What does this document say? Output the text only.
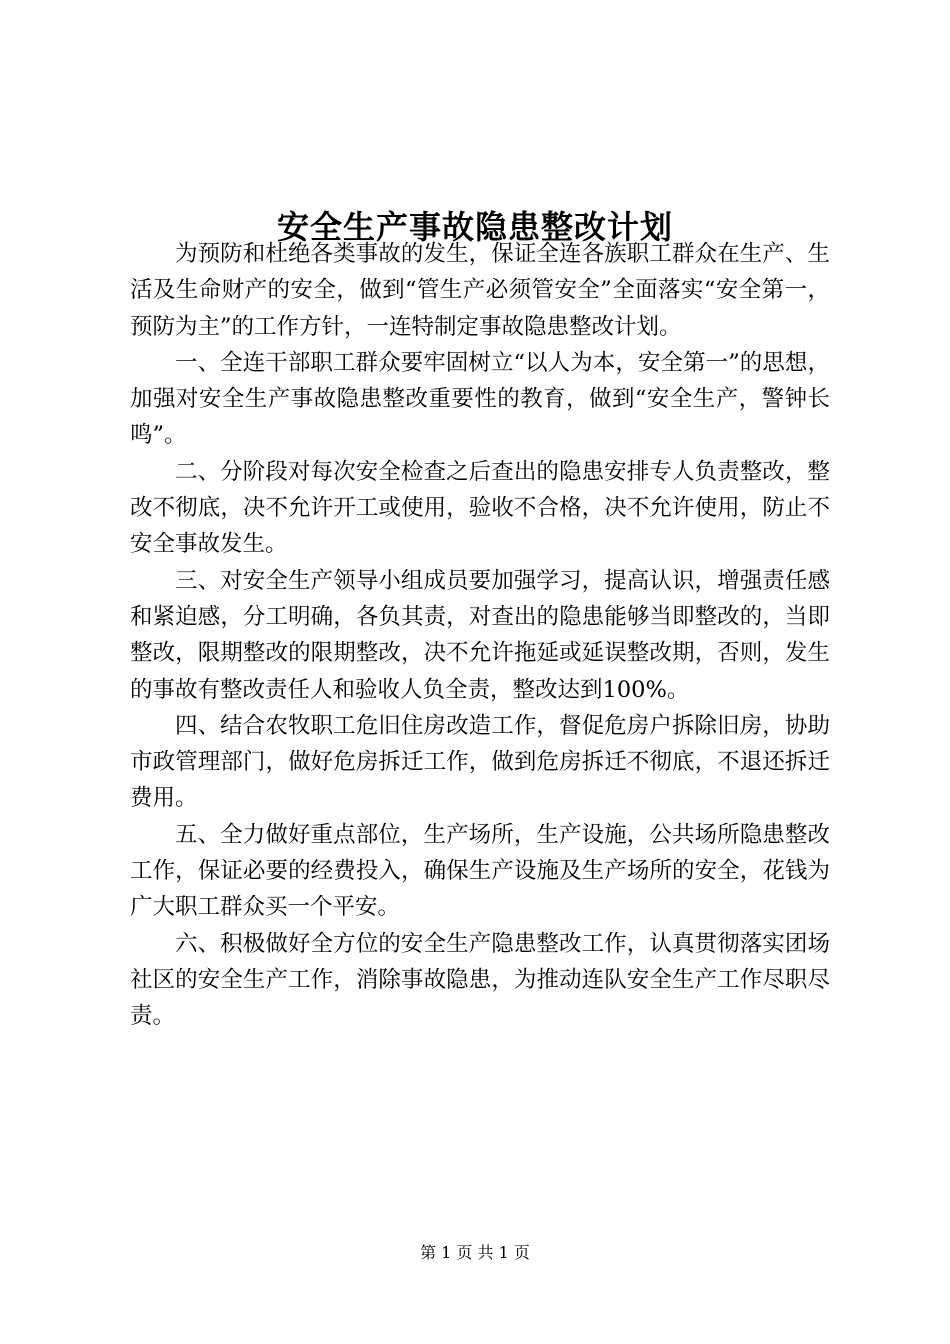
安全生产事故隐患整改计划

为预防和杜绝各类事故的发生，保证全连各族职工群众在生产、生活及生命财产的安全，做到“管生产必须管安全”全面落实“安全第一，预防为主”的工作方针，一连特制定事故隐患整改计划。

一、全连干部职工群众要牢固树立“以人为本，安全第一”的思想，加强对安全生产事故隐患整改重要性的教育，做到“安全生产，警钟长鸣”。

二、分阶段对每次安全检查之后查出的隐患安排专人负责整改，整改不彻底，决不允许开工或使用，验收不合格，决不允许使用，防止不安全事故发生。

三、对安全生产领导小组成员要加强学习，提高认识，增强责任感和紧迫感，分工明确，各负其责，对查出的隐患能够当即整改的，当即整改，限期整改的限期整改，决不允许拖延或延误整改期，否则，发生的事故有整改责任人和验收人负全责，整改达到100%。

四、结合农牧职工危旧住房改造工作，督促危房户拆除旧房，协助市政管理部门，做好危房拆迁工作，做到危房拆迁不彻底，不退还拆迁费用。

五、全力做好重点部位，生产场所，生产设施，公共场所隐患整改工作，保证必要的经费投入，确保生产设施及生产场所的安全，花钱为广大职工群众买一个平安。

六、积极做好全方位的安全生产隐患整改工作，认真贯彻落实团场社区的安全生产工作，消除事故隐患，为推动连队安全生产工作尽职尽责。

第 1 页 共 1 页
